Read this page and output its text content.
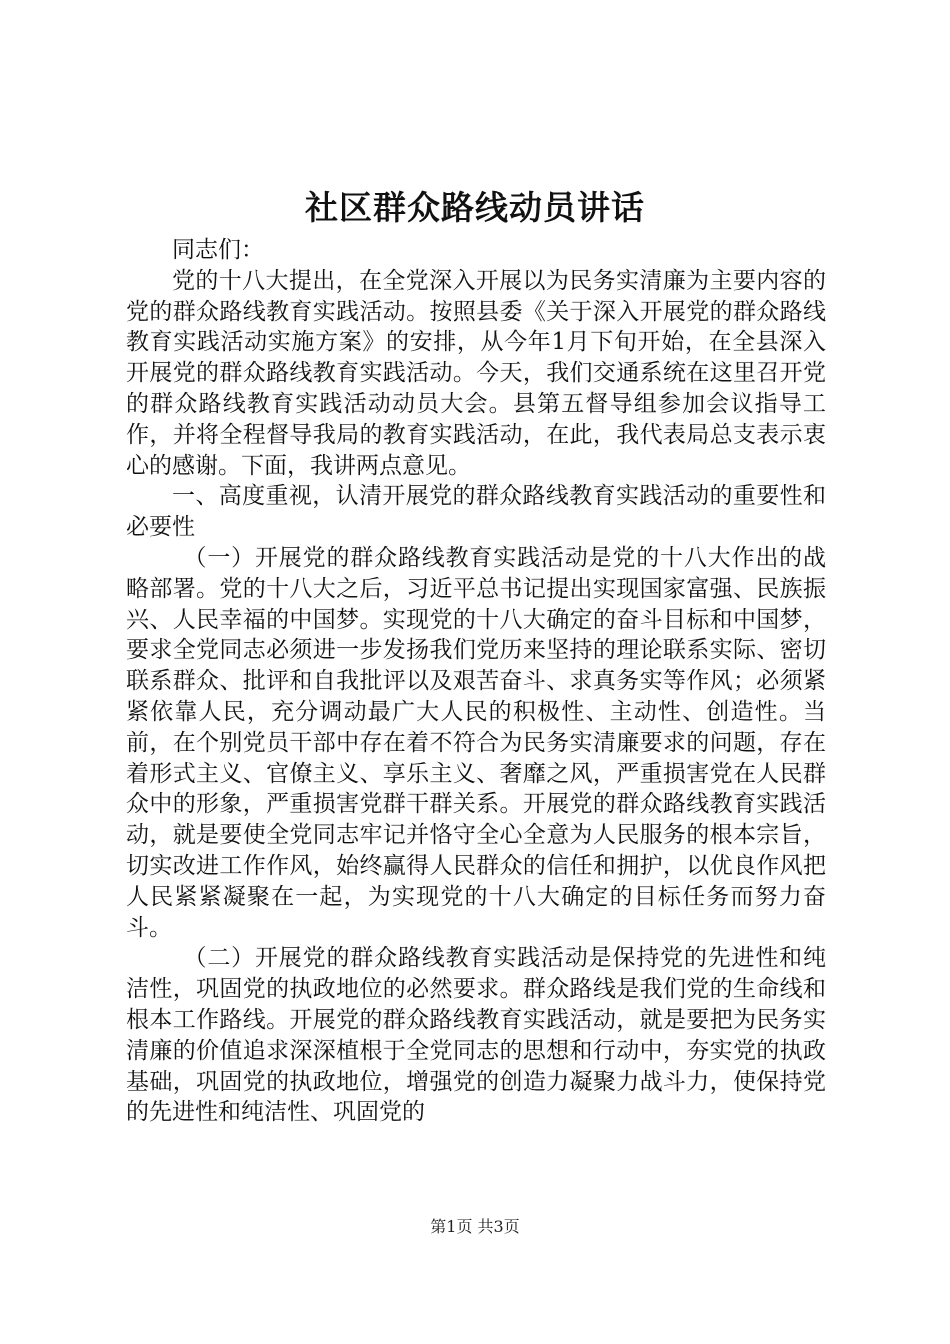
社区群众路线动员讲话

同志们：

党的十八大提出，在全党深入开展以为民务实清廉为主要内容的党的群众路线教育实践活动。按照县委《关于深入开展党的群众路线教育实践活动实施方案》的安排，从今年1月下旬开始，在全县深入开展党的群众路线教育实践活动。今天，我们交通系统在这里召开党的群众路线教育实践活动动员大会。县第五督导组参加会议指导工作，并将全程督导我局的教育实践活动，在此，我代表局总支表示衷心的感谢。下面，我讲两点意见。

一、高度重视，认清开展党的群众路线教育实践活动的重要性和必要性

（一）开展党的群众路线教育实践活动是党的十八大作出的战略部署。党的十八大之后，习近平总书记提出实现国家富强、民族振兴、人民幸福的中国梦。实现党的十八大确定的奋斗目标和中国梦，要求全党同志必须进一步发扬我们党历来坚持的理论联系实际、密切联系群众、批评和自我批评以及艰苦奋斗、求真务实等作风；必须紧紧依靠人民，充分调动最广大人民的积极性、主动性、创造性。当前，在个别党员干部中存在着不符合为民务实清廉要求的问题，存在着形式主义、官僚主义、享乐主义、奢靡之风，严重损害党在人民群众中的形象，严重损害党群干群关系。开展党的群众路线教育实践活动，就是要使全党同志牢记并恪守全心全意为人民服务的根本宗旨，切实改进工作作风，始终赢得人民群众的信任和拥护，以优良作风把人民紧紧凝聚在一起，为实现党的十八大确定的目标任务而努力奋斗。

（二）开展党的群众路线教育实践活动是保持党的先进性和纯洁性，巩固党的执政地位的必然要求。群众路线是我们党的生命线和根本工作路线。开展党的群众路线教育实践活动，就是要把为民务实清廉的价值追求深深植根于全党同志的思想和行动中，夯实党的执政基础，巩固党的执政地位，增强党的创造力凝聚力战斗力，使保持党的先进性和纯洁性、巩固党的

第1页 共3页
